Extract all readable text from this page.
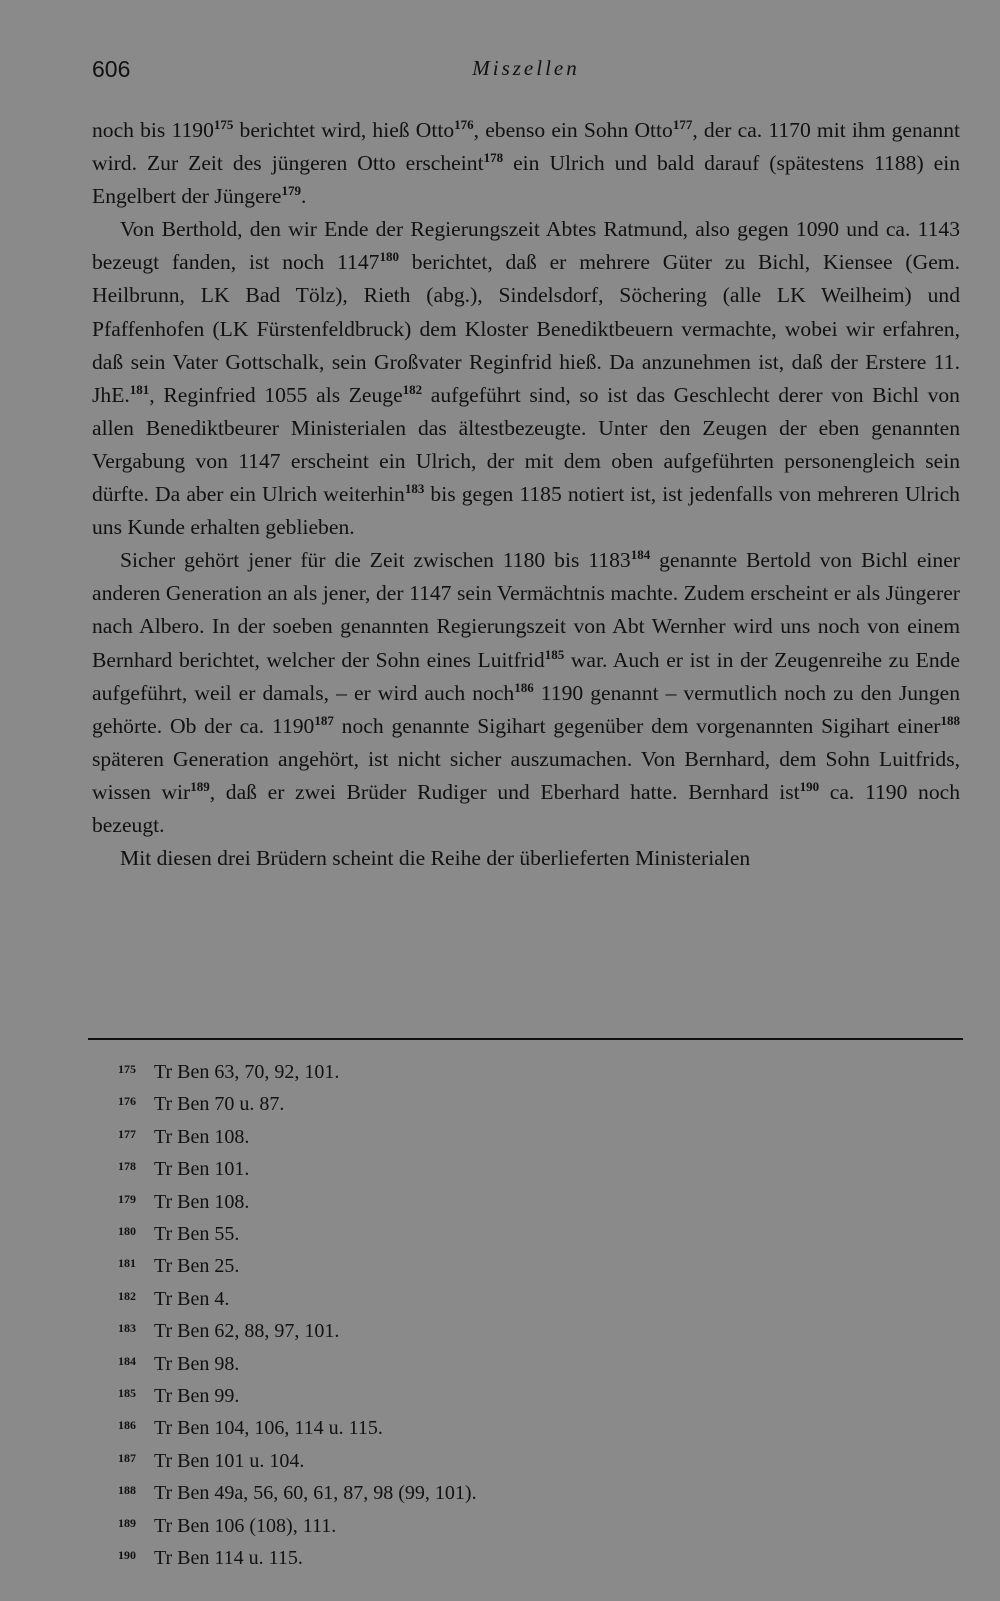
606	Miszellen

noch bis 1190$^{175}$ berichtet wird, hieß Otto$^{176}$, ebenso ein Sohn Otto$^{177}$, der ca. 1170 mit ihm genannt wird. Zur Zeit des jüngeren Otto erscheint$^{178}$ ein Ulrich und bald darauf (spätestens 1188) ein Engelbert der Jüngere$^{179}$.

Von Berthold, den wir Ende der Regierungszeit Abtes Ratmund, also gegen 1090 und ca. 1143 bezeugt fanden, ist noch 1147$^{180}$ berichtet, daß er mehrere Güter zu Bichl, Kiensee (Gem. Heilbrunn, LK Bad Tölz), Rieth (abg.), Sindelsdorf, Söchering (alle LK Weilheim) und Pfaffenhofen (LK Fürstenfeldbruck) dem Kloster Benediktbeuern vermachte, wobei wir erfahren, daß sein Vater Gottschalk, sein Großvater Reginfrid hieß. Da anzunehmen ist, daß der Erstere 11. JhE.$^{181}$, Reginfried 1055 als Zeuge$^{182}$ aufgeführt sind, so ist das Geschlecht derer von Bichl von allen Benediktbeurer Ministerialen das ältestbezeugte. Unter den Zeugen der eben genannten Vergabung von 1147 erscheint ein Ulrich, der mit dem oben aufgeführten personengleich sein dürfte. Da aber ein Ulrich weiterhin$^{183}$ bis gegen 1185 notiert ist, ist jedenfalls von mehreren Ulrich uns Kunde erhalten geblieben.

Sicher gehört jener für die Zeit zwischen 1180 bis 1183$^{184}$ genannte Bertold von Bichl einer anderen Generation an als jener, der 1147 sein Vermächtnis machte. Zudem erscheint er als Jüngerer nach Albero. In der soeben genannten Regierungszeit von Abt Wernher wird uns noch von einem Bernhard berichtet, welcher der Sohn eines Luitfrid$^{185}$ war. Auch er ist in der Zeugenreihe zu Ende aufgeführt, weil er damals, – er wird auch noch$^{186}$ 1190 genannt – vermutlich noch zu den Jungen gehörte. Ob der ca. 1190$^{187}$ noch genannte Sigihart gegenüber dem vorgenannten Sigihart einer$^{188}$ späteren Generation angehört, ist nicht sicher auszumachen. Von Bernhard, dem Sohn Luitfrids, wissen wir$^{189}$, daß er zwei Brüder Rudiger und Eberhard hatte. Bernhard ist$^{190}$ ca. 1190 noch bezeugt.

Mit diesen drei Brüdern scheint die Reihe der überlieferten Ministerialen

175 Tr Ben 63, 70, 92, 101.
176 Tr Ben 70 u. 87.
177 Tr Ben 108.
178 Tr Ben 101.
179 Tr Ben 108.
180 Tr Ben 55.
181 Tr Ben 25.
182 Tr Ben 4.
183 Tr Ben 62, 88, 97, 101.
184 Tr Ben 98.
185 Tr Ben 99.
186 Tr Ben 104, 106, 114 u. 115.
187 Tr Ben 101 u. 104.
188 Tr Ben 49a, 56, 60, 61, 87, 98 (99, 101).
189 Tr Ben 106 (108), 111.
190 Tr Ben 114 u. 115.
